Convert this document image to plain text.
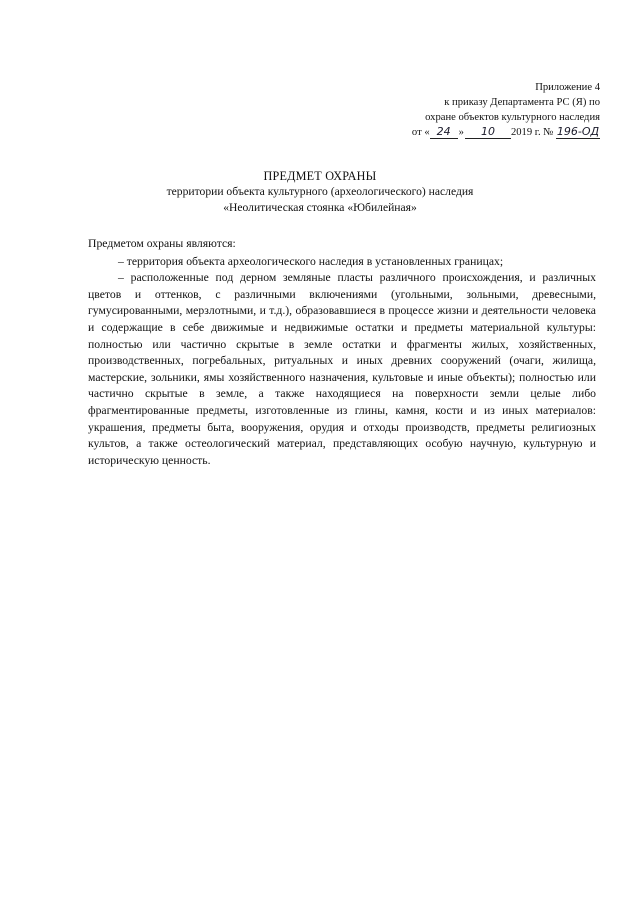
Приложение 4
к приказу Департамента РС (Я) по
охране объектов культурного наследия
от « 24 » 10 2019 г. № 196-ОД
ПРЕДМЕТ ОХРАНЫ
территории объекта культурного (археологического) наследия
«Неолитическая стоянка «Юбилейная»
Предметом охраны являются:
– территория объекта археологического наследия в установленных границах;
– расположенные под дерном земляные пласты различного происхождения, и различных цветов и оттенков, с различными включениями (угольными, зольными, древесными, гумусированными, мерзлотными, и т.д.), образовавшиеся в процессе жизни и деятельности человека и содержащие в себе движимые и недвижимые остатки и предметы материальной культуры: полностью или частично скрытые в земле остатки и фрагменты жилых, хозяйственных, производственных, погребальных, ритуальных и иных древних сооружений (очаги, жилища, мастерские, зольники, ямы хозяйственного назначения, культовые и иные объекты); полностью или частично скрытые в земле, а также находящиеся на поверхности земли целые либо фрагментированные предметы, изготовленные из глины, камня, кости и из иных материалов: украшения, предметы быта, вооружения, орудия и отходы производств, предметы религиозных культов, а также остеологический материал, представляющих особую научную, культурную и историческую ценность.
